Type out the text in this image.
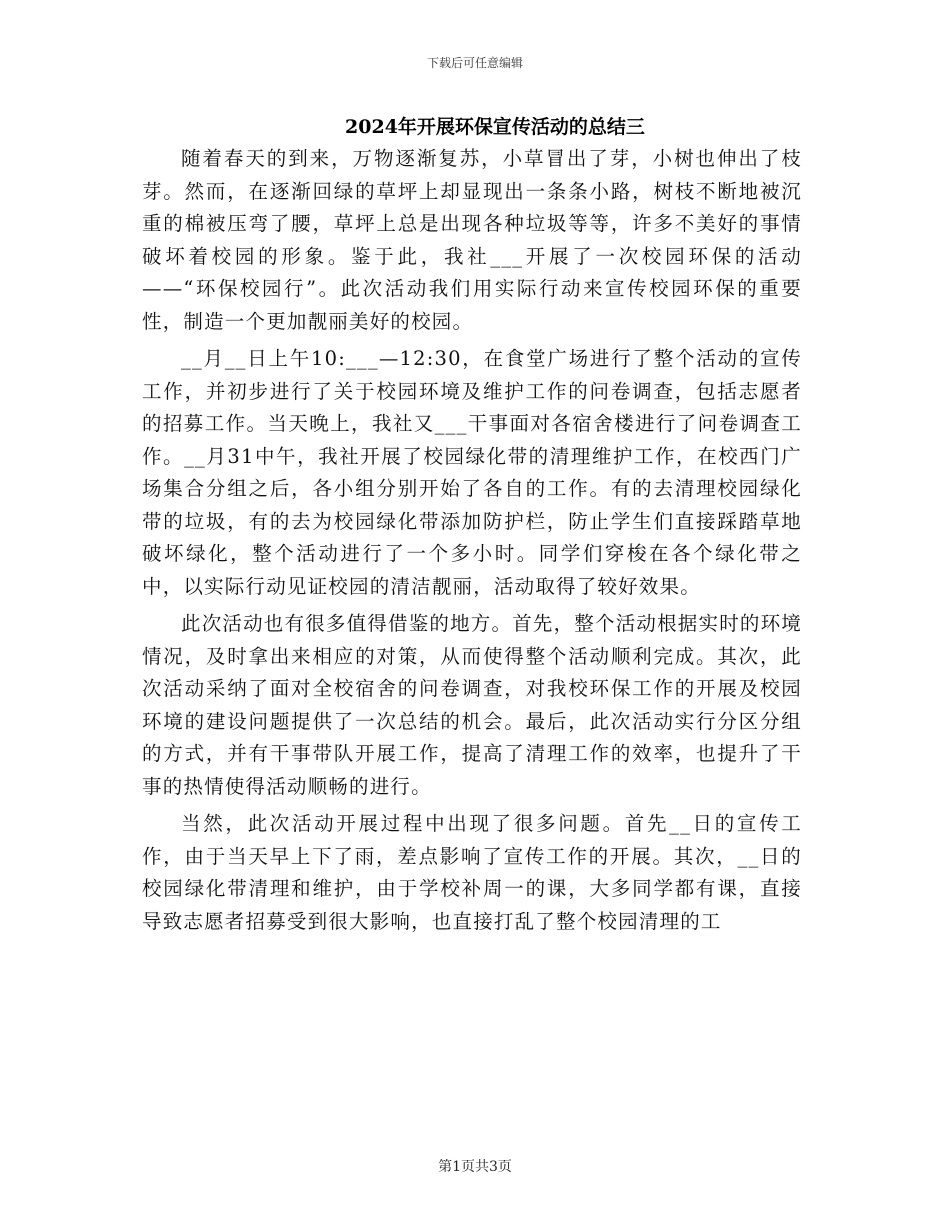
下载后可任意编辑
2024年开展环保宣传活动的总结三

随着春天的到来，万物逐渐复苏，小草冒出了芽，小树也伸出了枝芽。然而，在逐渐回绿的草坪上却显现出一条条小路，树枝不断地被沉重的棉被压弯了腰，草坪上总是出现各种垃圾等等，许多不美好的事情破坏着校园的形象。鉴于此，我社___开展了一次校园环保的活动——“环保校园行”。此次活动我们用实际行动来宣传校园环保的重要性，制造一个更加靓丽美好的校园。

__月__日上午10:___—12:30，在食堂广场进行了整个活动的宣传工作，并初步进行了关于校园环境及维护工作的问卷调查，包括志愿者的招募工作。当天晚上，我社又___干事面对各宿舍楼进行了问卷调查工作。__月31中午，我社开展了校园绿化带的清理维护工作，在校西门广场集合分组之后，各小组分别开始了各自的工作。有的去清理校园绿化带的垃圾，有的去为校园绿化带添加防护栏，防止学生们直接踩踏草地破坏绿化，整个活动进行了一个多小时。同学们穿梭在各个绿化带之中，以实际行动见证校园的清洁靓丽，活动取得了较好效果。

此次活动也有很多值得借鉴的地方。首先，整个活动根据实时的环境情况，及时拿出来相应的对策，从而使得整个活动顺利完成。其次，此次活动采纳了面对全校宿舍的问卷调查，对我校环保工作的开展及校园环境的建设问题提供了一次总结的机会。最后，此次活动实行分区分组的方式，并有干事带队开展工作，提高了清理工作的效率，也提升了干事的热情使得活动顺畅的进行。

当然，此次活动开展过程中出现了很多问题。首先__日的宣传工作，由于当天早上下了雨，差点影响了宣传工作的开展。其次，__日的校园绿化带清理和维护，由于学校补周一的课，大多同学都有课，直接导致志愿者招募受到很大影响，也直接打乱了整个校园清理的工

第1页共3页
